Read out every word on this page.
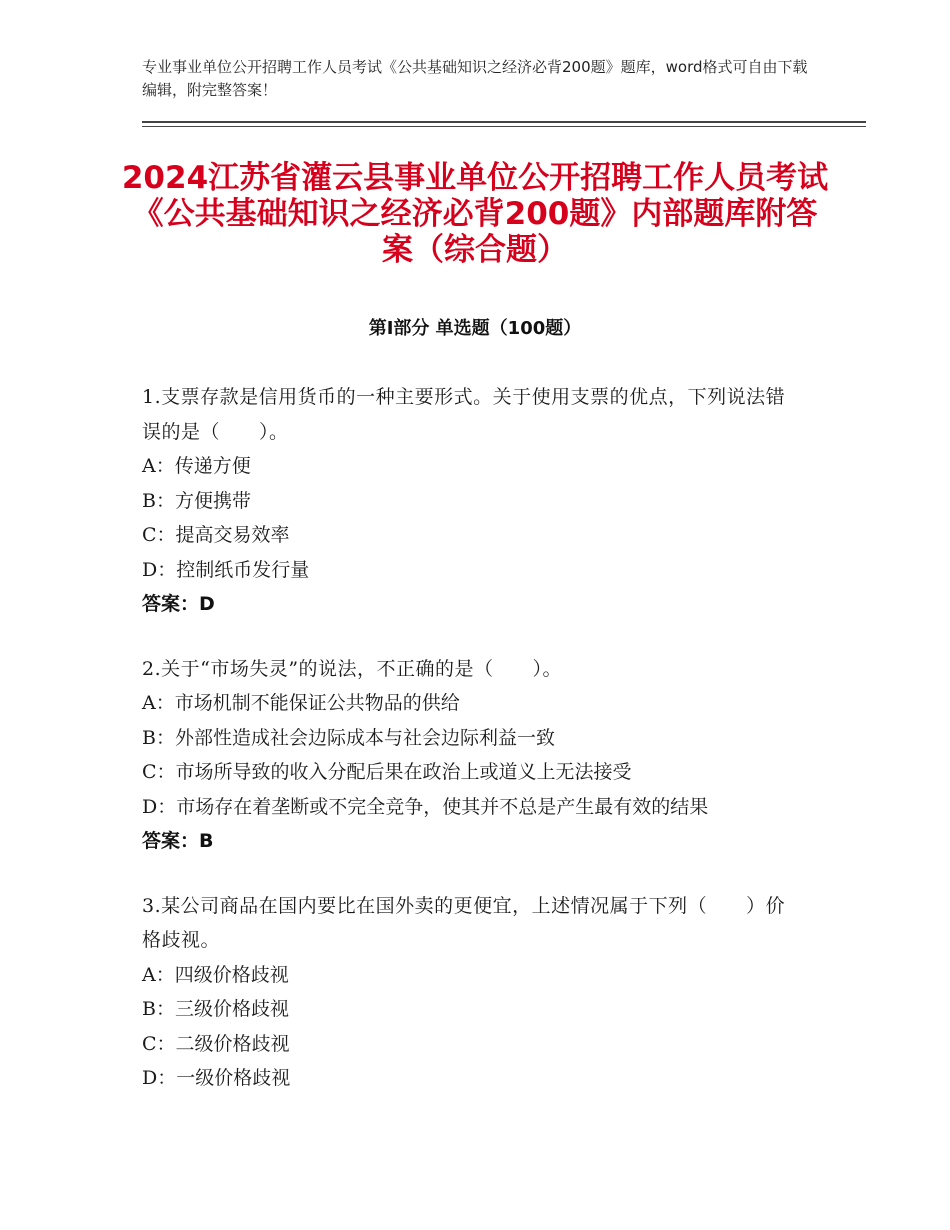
专业事业单位公开招聘工作人员考试《公共基础知识之经济必背200题》题库，word格式可自由下载编辑，附完整答案！
2024江苏省灌云县事业单位公开招聘工作人员考试《公共基础知识之经济必背200题》内部题库附答案（综合题）
第I部分 单选题（100题）
1.支票存款是信用货币的一种主要形式。关于使用支票的优点，下列说法错误的是（　　）。
A：传递方便
B：方便携带
C：提高交易效率
D：控制纸币发行量
答案：D
2.关于“市场失灵”的说法，不正确的是（　　）。
A：市场机制不能保证公共物品的供给
B：外部性造成社会边际成本与社会边际利益一致
C：市场所导致的收入分配后果在政治上或道义上无法接受
D：市场存在着垄断或不完全竞争，使其并不总是产生最有效的结果
答案：B
3.某公司商品在国内要比在国外卖的更便宜，上述情况属于下列（　　）价格歧视。
A：四级价格歧视
B：三级价格歧视
C：二级价格歧视
D：一级价格歧视
